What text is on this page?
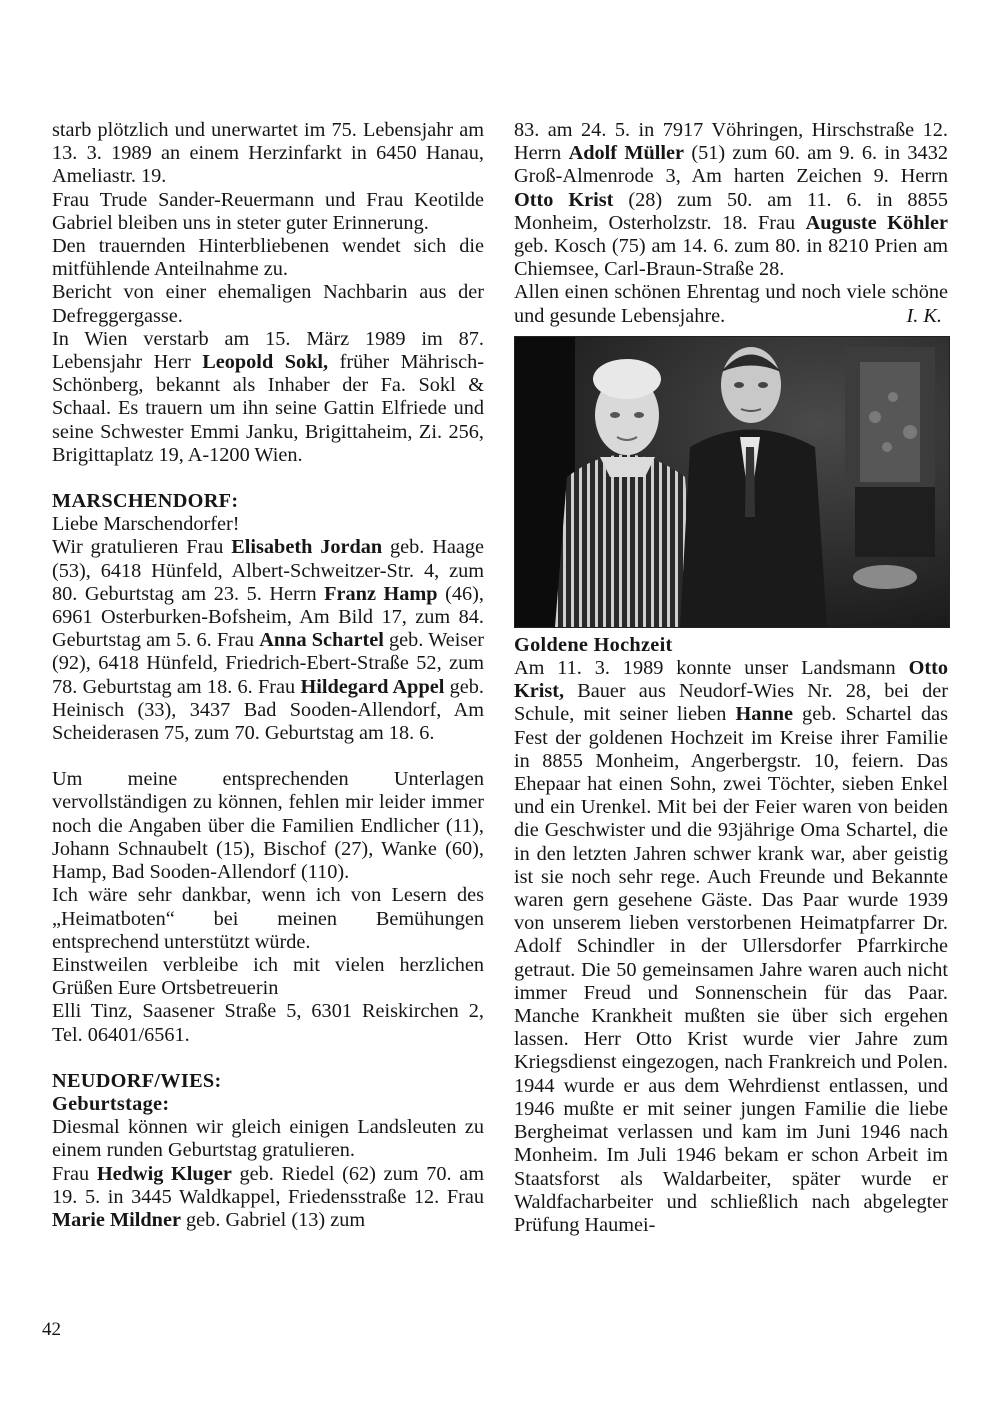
starb plötzlich und unerwartet im 75. Lebensjahr am 13. 3. 1989 an einem Herzinfarkt in 6450 Hanau, Ameliastr. 19.

Frau Trude Sander-Reuermann und Frau Keotilde Gabriel bleiben uns in steter guter Erinnerung.

Den trauernden Hinterbliebenen wendet sich die mitfühlende Anteilnahme zu.

Bericht von einer ehemaligen Nachbarin aus der Defreggergasse.

In Wien verstarb am 15. März 1989 im 87. Lebensjahr Herr Leopold Sokl, früher Mährisch-Schönberg, bekannt als Inhaber der Fa. Sokl & Schaal. Es trauern um ihn seine Gattin Elfriede und seine Schwester Emmi Janku, Brigittaheim, Zi. 256, Brigittaplatz 19, A-1200 Wien.

MARSCHENDORF:

Liebe Marschendorfer!

Wir gratulieren Frau Elisabeth Jordan geb. Haage (53), 6418 Hünfeld, Albert-Schweitzer-Str. 4, zum 80. Geburtstag am 23. 5. Herrn Franz Hamp (46), 6961 Osterburken-Bofsheim, Am Bild 17, zum 84. Geburtstag am 5. 6. Frau Anna Schartel geb. Weiser (92), 6418 Hünfeld, Friedrich-Ebert-Straße 52, zum 78. Geburtstag am 18. 6. Frau Hildegard Appel geb. Heinisch (33), 3437 Bad Sooden-Allendorf, Am Scheiderasen 75, zum 70. Geburtstag am 18. 6.

Um meine entsprechenden Unterlagen vervollständigen zu können, fehlen mir leider immer noch die Angaben über die Familien Endlicher (11), Johann Schnaubelt (15), Bischof (27), Wanke (60), Hamp, Bad Sooden-Allendorf (110).

Ich wäre sehr dankbar, wenn ich von Lesern des „Heimatboten“ bei meinen Bemühungen entsprechend unterstützt würde.

Einstweilen verbleibe ich mit vielen herzlichen Grüßen Eure Ortsbetreuerin

Elli Tinz, Saasener Straße 5, 6301 Reiskirchen 2, Tel. 06401/6561.

NEUDORF/WIES:

Geburtstage:

Diesmal können wir gleich einigen Landsleuten zu einem runden Geburtstag gratulieren.

Frau Hedwig Kluger geb. Riedel (62) zum 70. am 19. 5. in 3445 Waldkappel, Friedensstraße 12. Frau Marie Mildner geb. Gabriel (13) zum

83. am 24. 5. in 7917 Vöhringen, Hirschstraße 12. Herrn Adolf Müller (51) zum 60. am 9. 6. in 3432 Groß-Almenrode 3, Am harten Zeichen 9. Herrn Otto Krist (28) zum 50. am 11. 6. in 8855 Monheim, Osterholzstr. 18. Frau Auguste Köhler geb. Kosch (75) am 14. 6. zum 80. in 8210 Prien am Chiemsee, Carl-Braun-Straße 28.

Allen einen schönen Ehrentag und noch viele schöne und gesunde Lebensjahre.	I. K.

Goldene Hochzeit

Am 11. 3. 1989 konnte unser Landsmann Otto Krist, Bauer aus Neudorf-Wies Nr. 28, bei der Schule, mit seiner lieben Hanne geb. Schartel das Fest der goldenen Hochzeit im Kreise ihrer Familie in 8855 Monheim, Angerbergstr. 10, feiern. Das Ehepaar hat einen Sohn, zwei Töchter, sieben Enkel und ein Urenkel. Mit bei der Feier waren von beiden die Geschwister und die 93jährige Oma Schartel, die in den letzten Jahren schwer krank war, aber geistig ist sie noch sehr rege. Auch Freunde und Bekannte waren gern gesehene Gäste. Das Paar wurde 1939 von unserem lieben verstorbenen Heimatpfarrer Dr. Adolf Schindler in der Ullersdorfer Pfarrkirche getraut. Die 50 gemeinsamen Jahre waren auch nicht immer Freud und Sonnenschein für das Paar. Manche Krankheit mußten sie über sich ergehen lassen. Herr Otto Krist wurde vier Jahre zum Kriegsdienst eingezogen, nach Frankreich und Polen. 1944 wurde er aus dem Wehrdienst entlassen, und 1946 mußte er mit seiner jungen Familie die liebe Bergheimat verlassen und kam im Juni 1946 nach Monheim. Im Juli 1946 bekam er schon Arbeit im Staatsforst als Waldarbeiter, später wurde er Waldfacharbeiter und schließlich nach abgelegter Prüfung Haumei-

42
